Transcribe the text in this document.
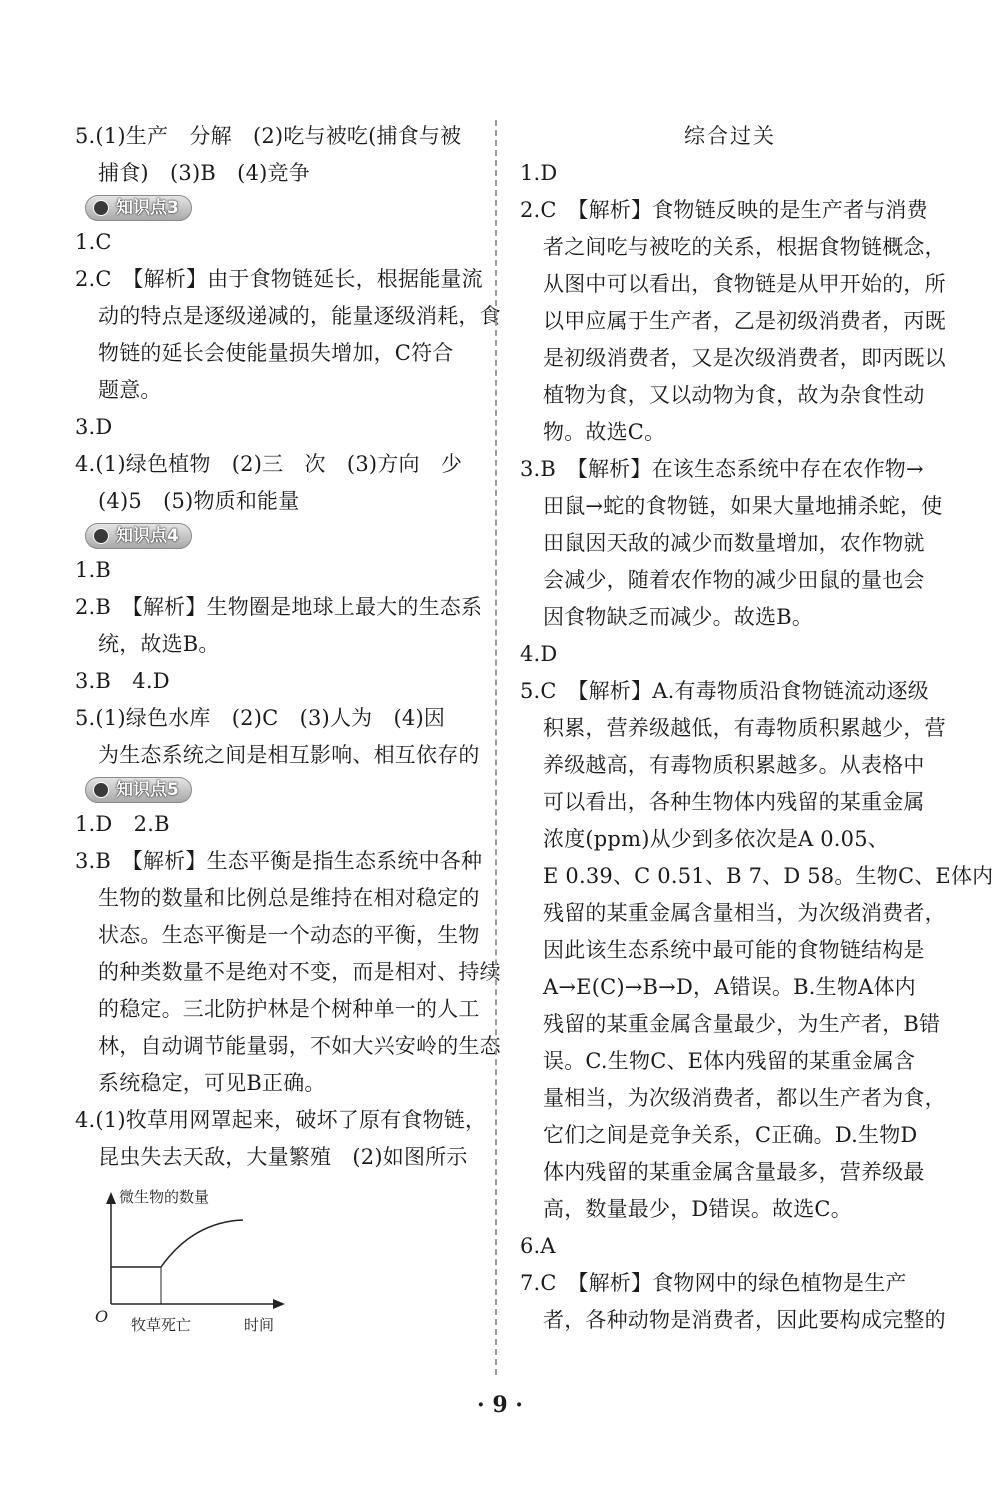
5.(1)生产　分解　(2)吃与被吃(捕食与被
捕食)　(3)B　(4)竞争
知识点3
1.C
2.C　【解析】由于食物链延长，根据能量流
动的特点是逐级递减的，能量逐级消耗，食
物链的延长会使能量损失增加，C符合
题意。
3.D
4.(1)绿色植物　(2)三　次　(3)方向　少
(4)5　(5)物质和能量
知识点4
1.B
2.B　【解析】生物圈是地球上最大的生态系
统，故选B。
3.B　4.D
5.(1)绿色水库　(2)C　(3)人为　(4)因
为生态系统之间是相互影响、相互依存的
知识点5
1.D　2.B
3.B　【解析】生态平衡是指生态系统中各种
生物的数量和比例总是维持在相对稳定的
状态。生态平衡是一个动态的平衡，生物
的种类数量不是绝对不变，而是相对、持续
的稳定。三北防护林是个树种单一的人工
林，自动调节能量弱，不如大兴安岭的生态
系统稳定，可见B正确。
4.(1)牧草用网罩起来，破坏了原有食物链，
昆虫失去天敌，大量繁殖　(2)如图所示
微生物的数量
O 牧草死亡	时间
综合过关
1.D
2.C　【解析】食物链反映的是生产者与消费
者之间吃与被吃的关系，根据食物链概念，
从图中可以看出，食物链是从甲开始的，所
以甲应属于生产者，乙是初级消费者，丙既
是初级消费者，又是次级消费者，即丙既以
植物为食，又以动物为食，故为杂食性动
物。故选C。
3.B　【解析】在该生态系统中存在农作物→
田鼠→蛇的食物链，如果大量地捕杀蛇，使
田鼠因天敌的减少而数量增加，农作物就
会减少，随着农作物的减少田鼠的量也会
因食物缺乏而减少。故选B。
4.D
5.C　【解析】A.有毒物质沿食物链流动逐级
积累，营养级越低，有毒物质积累越少，营
养级越高，有毒物质积累越多。从表格中
可以看出，各种生物体内残留的某重金属
浓度(ppm)从少到多依次是A 0.05、
E 0.39、C 0.51、B 7、D 58。生物C、E体内
残留的某重金属含量相当，为次级消费者，
因此该生态系统中最可能的食物链结构是
A→E(C)→B→D，A错误。B.生物A体内
残留的某重金属含量最少，为生产者，B错
误。C.生物C、E体内残留的某重金属含
量相当，为次级消费者，都以生产者为食，
它们之间是竞争关系，C正确。D.生物D
体内残留的某重金属含量最多，营养级最
高，数量最少，D错误。故选C。
6.A
7.C　【解析】食物网中的绿色植物是生产
者，各种动物是消费者，因此要构成完整的
· 9 ·
